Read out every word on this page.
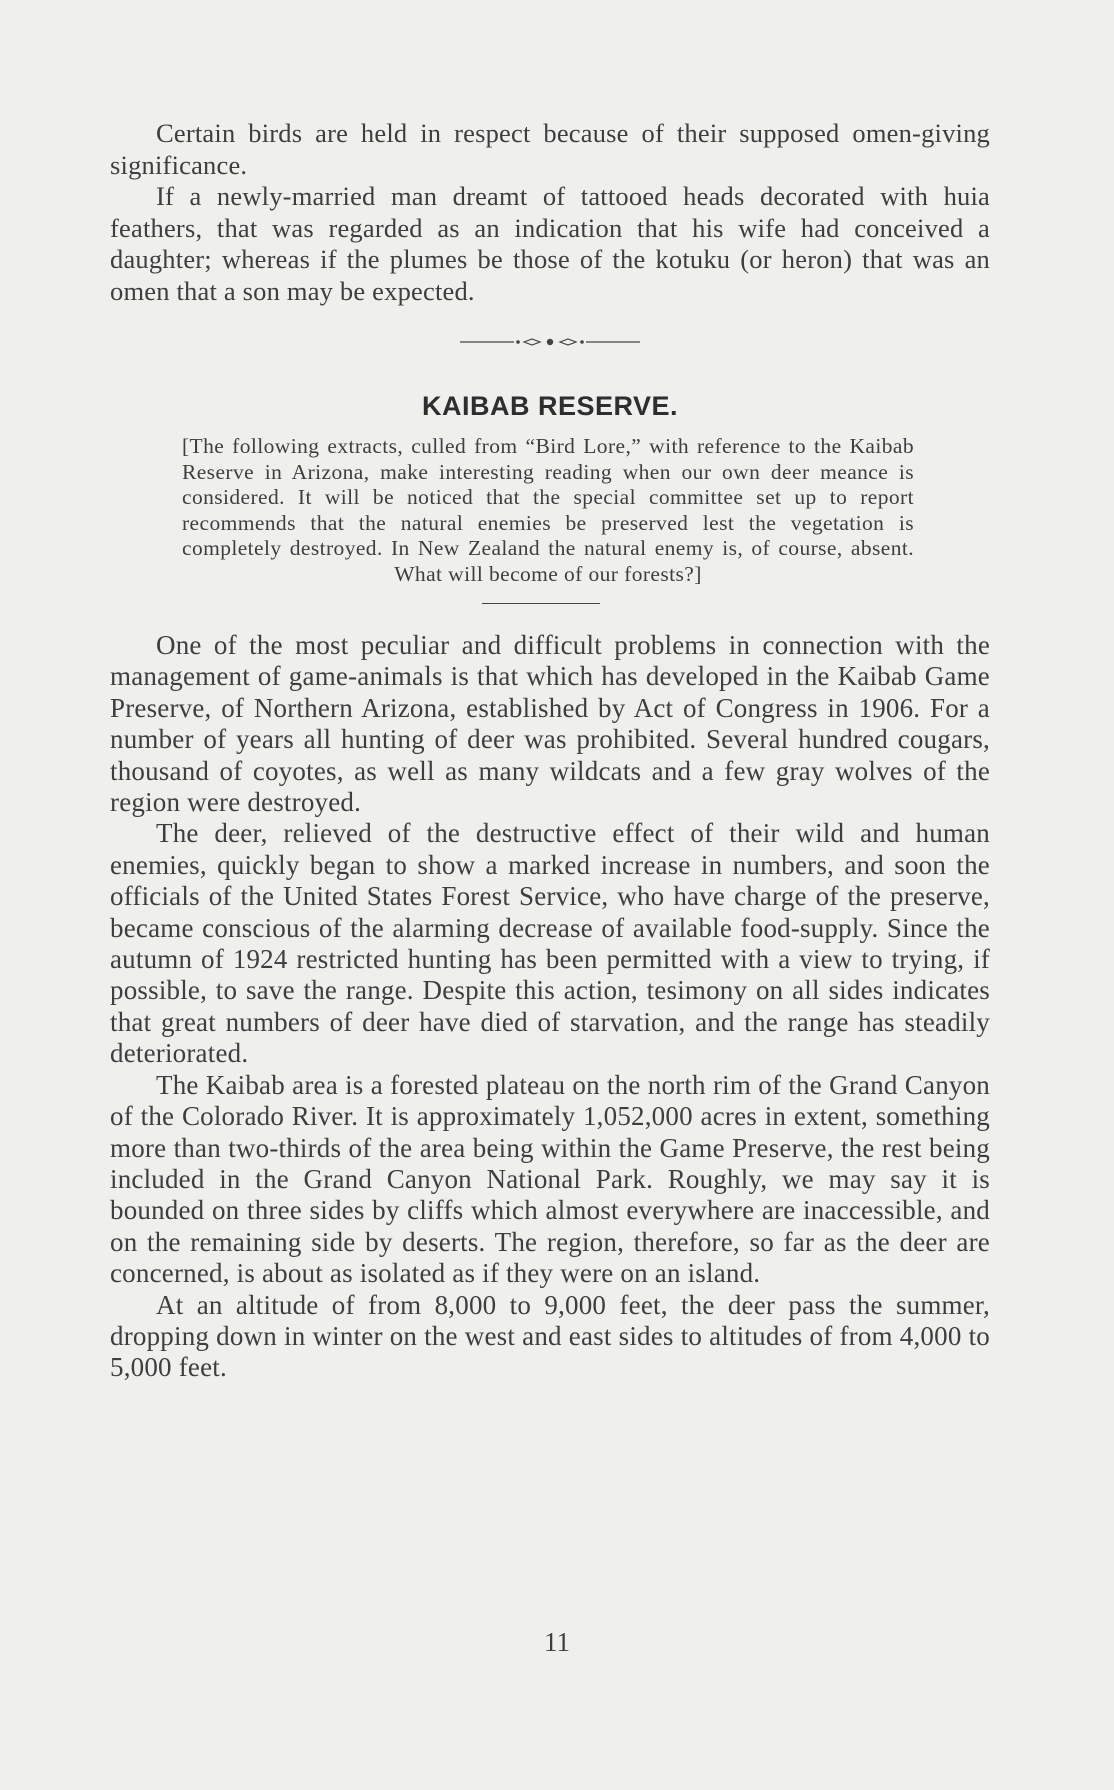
Certain birds are held in respect because of their supposed omen-giving significance.

If a newly-married man dreamt of tattooed heads decorated with huia feathers, that was regarded as an indication that his wife had conceived a daughter; whereas if the plumes be those of the kotuku (or heron) that was an omen that a son may be expected.

KAIBAB RESERVE.

[The following extracts, culled from “Bird Lore,” with reference to the Kaibab Reserve in Arizona, make interesting reading when our own deer meance is considered. It will be noticed that the special committee set up to report recommends that the natural enemies be preserved lest the vegetation is completely destroyed. In New Zealand the natural enemy is, of course, absent. What will become of our forests?]

One of the most peculiar and difficult problems in connection with the management of game-animals is that which has developed in the Kaibab Game Preserve, of Northern Arizona, established by Act of Congress in 1906. For a number of years all hunting of deer was prohibited. Several hundred cougars, thousand of coyotes, as well as many wildcats and a few gray wolves of the region were destroyed.

The deer, relieved of the destructive effect of their wild and human enemies, quickly began to show a marked increase in numbers, and soon the officials of the United States Forest Service, who have charge of the preserve, became conscious of the alarming decrease of available food-supply. Since the autumn of 1924 restricted hunting has been permitted with a view to trying, if possible, to save the range. Despite this action, tesimony on all sides indicates that great numbers of deer have died of starvation, and the range has steadily deteriorated.

The Kaibab area is a forested plateau on the north rim of the Grand Canyon of the Colorado River. It is approximately 1,052,000 acres in extent, something more than two-thirds of the area being within the Game Preserve, the rest being included in the Grand Canyon National Park. Roughly, we may say it is bounded on three sides by cliffs which almost everywhere are inaccessible, and on the remaining side by deserts. The region, therefore, so far as the deer are concerned, is about as isolated as if they were on an island.

At an altitude of from 8,000 to 9,000 feet, the deer pass the summer, dropping down in winter on the west and east sides to altitudes of from 4,000 to 5,000 feet.

11
